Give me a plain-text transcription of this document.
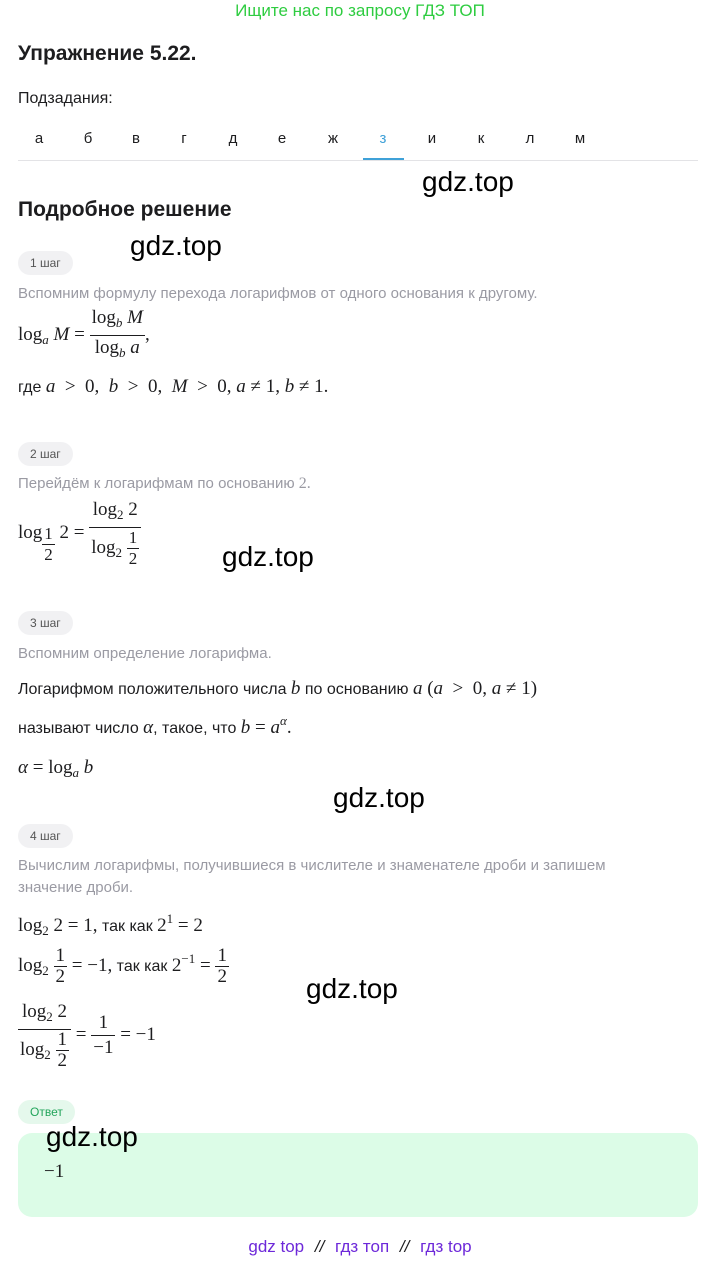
Ищите нас по запросу ГДЗ ТОП
Упражнение 5.22.
Подзадания:
а	б	в	г	д	е	ж	з	и	к	л	м
gdz.top
Подробное решение
gdz.top
1 шаг
Вспомним формулу перехода логарифмов от одного основания к другому.
$\log_a M = \frac{\log_b M}{\log_b a}$ ,
где a  >  0,  b  >  0,  M  >  0, a ≠ 1, b ≠ 1.
2 шаг
Перейдём к логарифмам по основанию 2.
$\log \frac{1}{2} 2 = \frac{\log_2 2}{\log_2 \frac{1}{2}}$	gdz.top
3 шаг
Вспомним определение логарифма.
Логарифмом положительного числа b по основанию a (a  >  0, a ≠ 1)
называют число α, такое, что $b = a^\alpha$.
$\alpha = \log_a b$
gdz.top
4 шаг
Вычислим логарифмы, получившиеся в числителе и знаменателе дроби и запишем
значение дроби.
$\log_2 2 = 1$, так как $2^1 = 2$
$\log_2 \frac{1}{2} = -1$, так как $2^{-1} = \frac{1}{2}$
gdz.top
$\frac{\log_2 2}{\log_2 \frac{1}{2}} = \frac{1}{-1} = -1$
Ответ
gdz.top
−1
gdz top // гдз топ // гдз top
